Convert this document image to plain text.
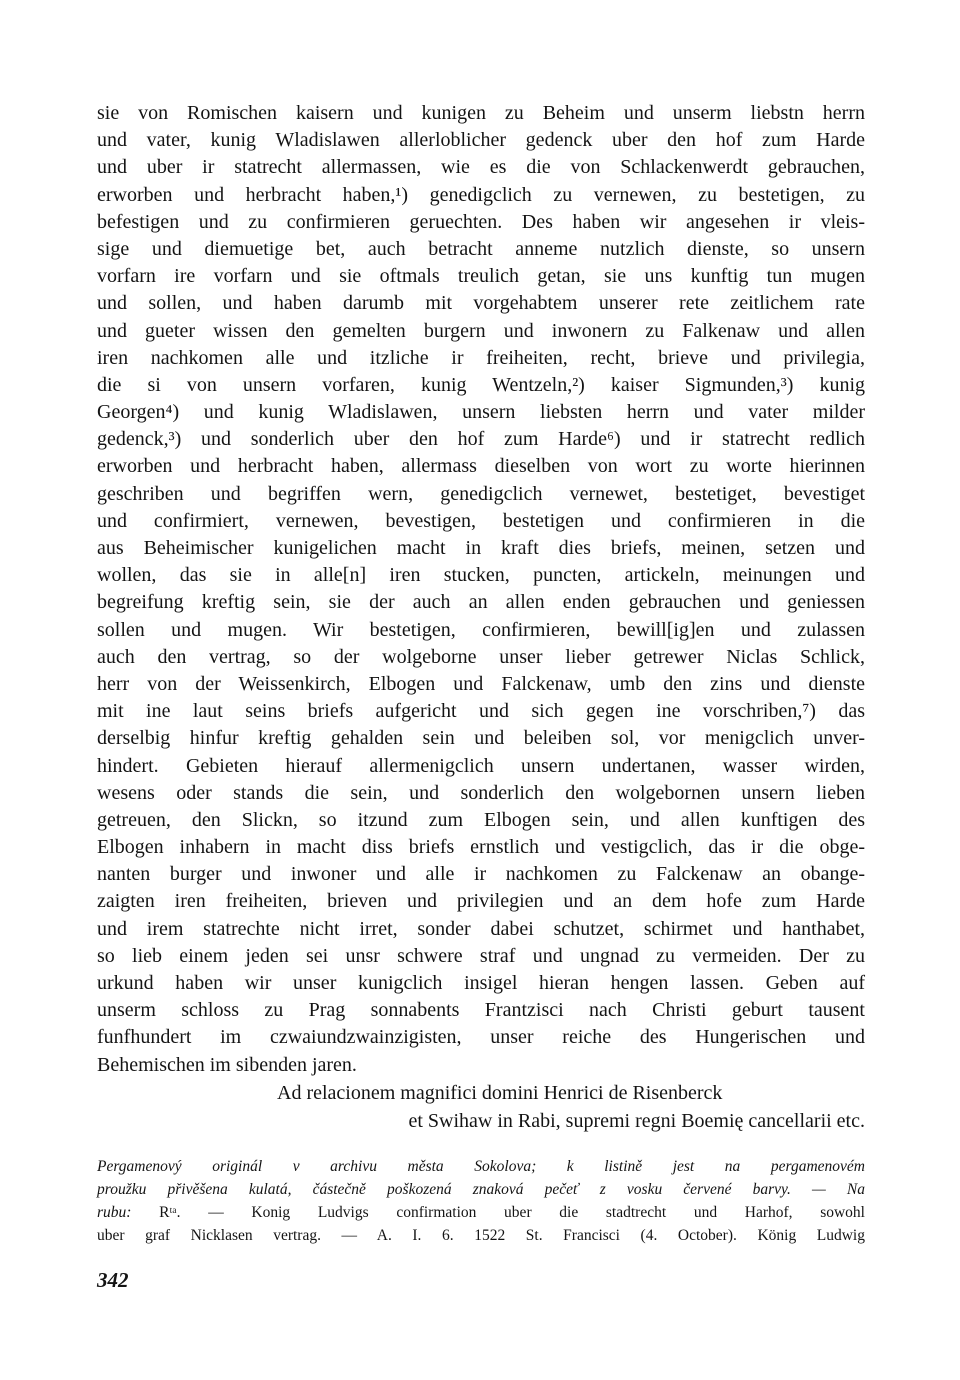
sie von Romischen kaisern und kunigen zu Beheim und unserm liebstn herrn
und vater, kunig Wladislawen allerloblicher gedenck uber den hof zum Harde
und uber ir statrecht allermassen, wie es die von Schlackenwerdt gebrauchen,
erworben und herbracht haben,¹) genedigclich zu vernewen, zu bestetigen, zu
befestigen und zu confirmieren geruechten. Des haben wir angesehen ir vleis-
sige und diemuetige bet, auch betracht anneme nutzlich dienste, so unsern
vorfarn ire vorfarn und sie oftmals treulich getan, sie uns kunftig tun mugen
und sollen, und haben darumb mit vorgehabtem unserer rete zeitlichem rate
und gueter wissen den gemelten burgern und inwonern zu Falkenaw und allen
iren nachkomen alle und itzliche ir freiheiten, recht, brieve und privilegia,
die si von unsern vorfaren, kunig Wentzeln,²) kaiser Sigmunden,³) kunig
Georgen⁴) und kunig Wladislawen, unsern liebsten herrn und vater milder
gedenck,³) und sonderlich uber den hof zum Harde⁶) und ir statrecht redlich
erworben und herbracht haben, allermass dieselben von wort zu worte hierinnen
geschriben und begriffen wern, genedigclich vernewet, bestetiget, bevestiget
und confirmiert, vernewen, bevestigen, bestetigen und confirmieren in die
aus Beheimischer kunigelichen macht in kraft dies briefs, meinen, setzen und
wollen, das sie in alle[n] iren stucken, puncten, artickeln, meinungen und
begreifung kreftig sein, sie der auch an allen enden gebrauchen und geniessen
sollen und mugen. Wir bestetigen, confirmieren, bewill[ig]en und zulassen
auch den vertrag, so der wolgeborne unser lieber getrewer Niclas Schlick,
herr von der Weissenkirch, Elbogen und Falckenaw, umb den zins und dienste
mit ine laut seins briefs aufgericht und sich gegen ine vorschriben,⁷) das
derselbig hinfur kreftig gehalden sein und beleiben sol, vor menigclich unver-
hindert. Gebieten hierauf allermenigclich unsern undertanen, wasser wirden,
wesens oder stands die sein, und sonderlich den wolgebornen unsern lieben
getreuen, den Slickn, so itzund zum Elbogen sein, und allen kunftigen des
Elbogen inhabern in macht diss briefs ernstlich und vestigclich, das ir die obge-
nanten burger und inwoner und alle ir nachkomen zu Falckenaw an obange-
zaigten iren freiheiten, brieven und privilegien und an dem hofe zum Harde
und irem statrechte nicht irret, sonder dabei schutzet, schirmet und hanthabet,
so lieb einem jeden sei unsr schwere straf und ungnad zu vermeiden. Der zu
urkund haben wir unser kunigclich insigel hieran hengen lassen. Geben auf
unserm schloss zu Prag sonnabents Frantzisci nach Christi geburt tausent
funfhundert im czwaiundzwainzigisten, unser reiche des Hungerischen und
Behemischen im sibenden jaren.
Ad relacionem magnifici domini Henrici de Risenberck
et Swihaw in Rabi, supremi regni Boemię cancellarii etc.
Pergamenový originál v archivu města Sokolova; k listině jest na pergamenovém
proužku přivěšena kulatá, částečně poškozená znaková pečeť z vosku červené barvy. — Na
rubu: Rᵗᵃ. — Konig Ludvigs confirmation uber die stadtrecht und Harhof, sowohl
uber graf Nicklasen vertrag. — A. I. 6. 1522 St. Francisci (4. October). König Ludwig
342
